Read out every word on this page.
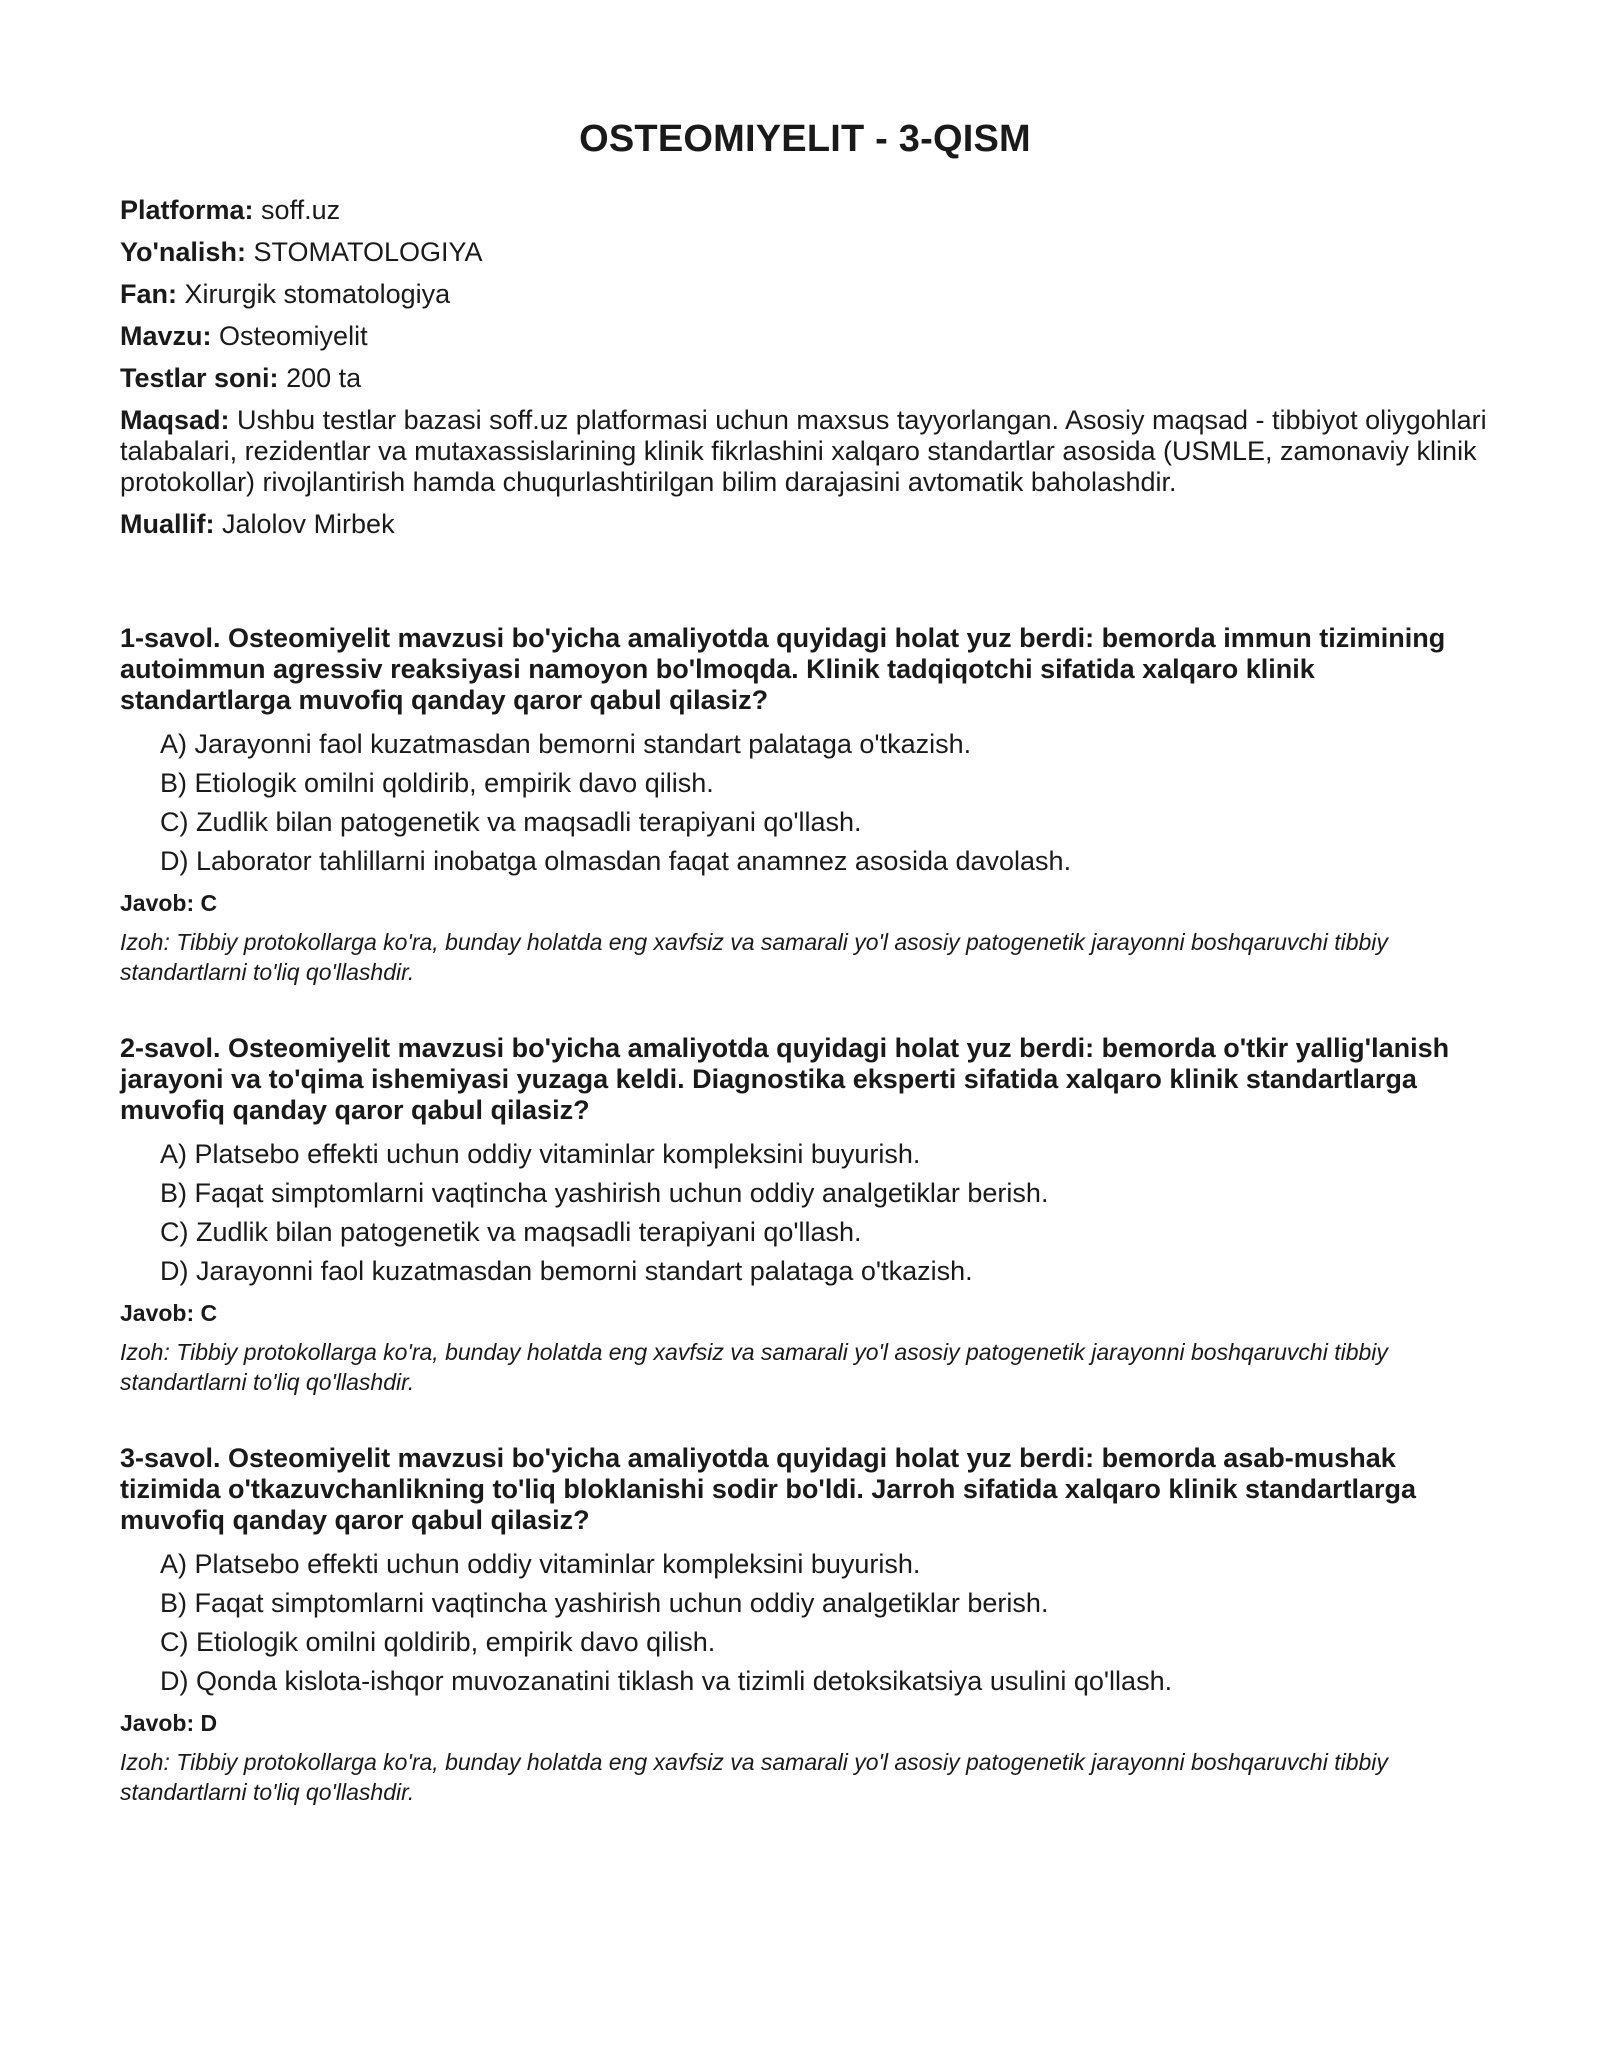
OSTEOMIYELIT - 3-QISM

Platforma: soff.uz

Yo'nalish: STOMATOLOGIYA

Fan: Xirurgik stomatologiya

Mavzu: Osteomiyelit

Testlar soni: 200 ta

Maqsad: Ushbu testlar bazasi soff.uz platformasi uchun maxsus tayyorlangan. Asosiy maqsad - tibbiyot oliygohlari talabalari, rezidentlar va mutaxassislarining klinik fikrlashini xalqaro standartlar asosida (USMLE, zamonaviy klinik protokollar) rivojlantirish hamda chuqurlashtirilgan bilim darajasini avtomatik baholashdir.

Muallif: Jalolov Mirbek

1-savol. Osteomiyelit mavzusi bo'yicha amaliyotda quyidagi holat yuz berdi: bemorda immun tizimining autoimmun agressiv reaksiyasi namoyon bo'lmoqda. Klinik tadqiqotchi sifatida xalqaro klinik standartlarga muvofiq qanday qaror qabul qilasiz?

A) Jarayonni faol kuzatmasdan bemorni standart palataga o'tkazish.
B) Etiologik omilni qoldirib, empirik davo qilish.
C) Zudlik bilan patogenetik va maqsadli terapiyani qo'llash.
D) Laborator tahlillarni inobatga olmasdan faqat anamnez asosida davolash.
Javob: C

Izoh: Tibbiy protokollarga ko'ra, bunday holatda eng xavfsiz va samarali yo'l asosiy patogenetik jarayonni boshqaruvchi tibbiy standartlarni to'liq qo'llashdir.

2-savol. Osteomiyelit mavzusi bo'yicha amaliyotda quyidagi holat yuz berdi: bemorda o'tkir yallig'lanish jarayoni va to'qima ishemiyasi yuzaga keldi. Diagnostika eksperti sifatida xalqaro klinik standartlarga muvofiq qanday qaror qabul qilasiz?

A) Platsebo effekti uchun oddiy vitaminlar kompleksini buyurish.
B) Faqat simptomlarni vaqtincha yashirish uchun oddiy analgetiklar berish.
C) Zudlik bilan patogenetik va maqsadli terapiyani qo'llash.
D) Jarayonni faol kuzatmasdan bemorni standart palataga o'tkazish.
Javob: C

Izoh: Tibbiy protokollarga ko'ra, bunday holatda eng xavfsiz va samarali yo'l asosiy patogenetik jarayonni boshqaruvchi tibbiy standartlarni to'liq qo'llashdir.

3-savol. Osteomiyelit mavzusi bo'yicha amaliyotda quyidagi holat yuz berdi: bemorda asab-mushak tizimida o'tkazuvchanlikning to'liq bloklanishi sodir bo'ldi. Jarroh sifatida xalqaro klinik standartlarga muvofiq qanday qaror qabul qilasiz?

A) Platsebo effekti uchun oddiy vitaminlar kompleksini buyurish.
B) Faqat simptomlarni vaqtincha yashirish uchun oddiy analgetiklar berish.
C) Etiologik omilni qoldirib, empirik davo qilish.
D) Qonda kislota-ishqor muvozanatini tiklash va tizimli detoksikatsiya usulini qo'llash.
Javob: D

Izoh: Tibbiy protokollarga ko'ra, bunday holatda eng xavfsiz va samarali yo'l asosiy patogenetik jarayonni boshqaruvchi tibbiy standartlarni to'liq qo'llashdir.
